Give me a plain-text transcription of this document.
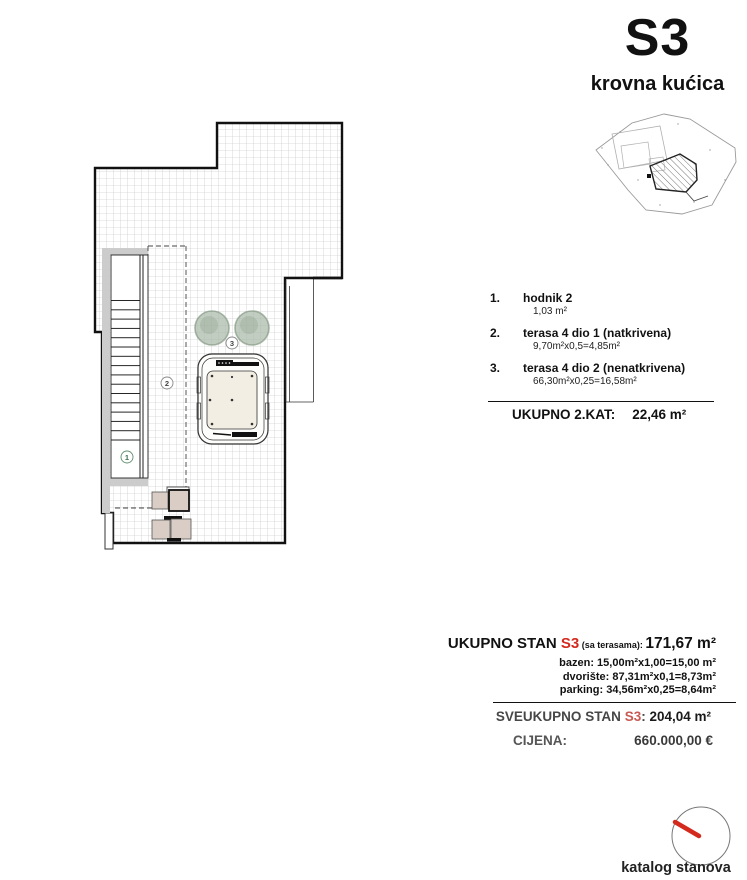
S3
krovna kućica
1.	hodnik 2
1,03 m²
2.	terasa 4 dio 1 (natkrivena)
9,70m²x0,5=4,85m²
3.	terasa 4 dio 2 (nenatkrivena)
66,30m²x0,25=16,58m²
UKUPNO 2.KAT: 22,46 m²
1
2
3
UKUPNO STAN S3 (sa terasama): 171,67 m²
bazen: 15,00m²x1,00=15,00 m²
dvorište: 87,31m²x0,1=8,73m²
parking: 34,56m²x0,25=8,64m²
SVEUKUPNO STAN S3: 204,04 m²
CIJENA:	660.000,00 €
katalog stanova
